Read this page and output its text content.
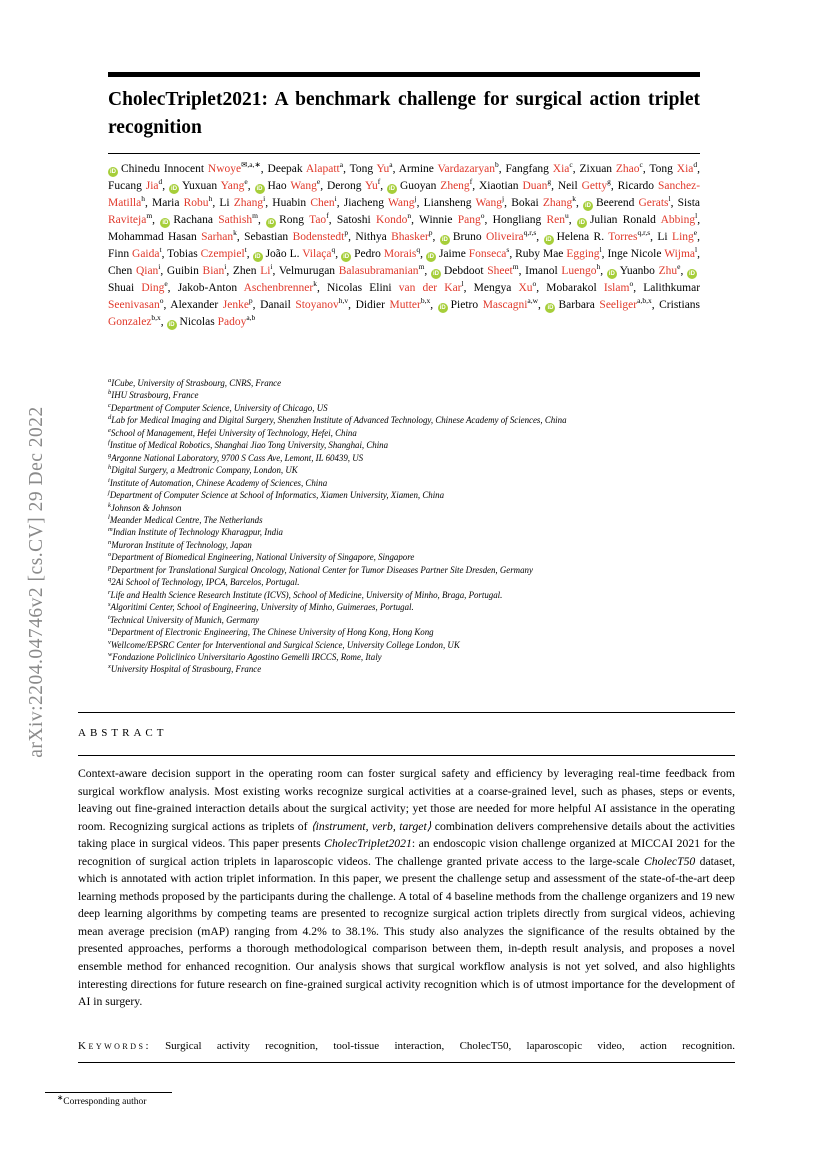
arXiv:2204.04746v2 [cs.CV] 29 Dec 2022
CholecTriplet2021: A benchmark challenge for surgical action triplet recognition
iD Chinedu Innocent Nwoye$^{✉,a,∗}$, Deepak Alapatt$^a$, Tong Yu$^a$, Armine Vardazaryan$^b$, Fangfang Xia$^c$, Zixuan Zhao$^c$, Tong Xia$^d$, Fucang Jia$^d$, iD Yuxuan Yang$^e$, iD Hao Wang$^e$, Derong Yu$^f$, iD Guoyan Zheng$^f$, Xiaotian Duan$^g$, Neil Getty$^g$, Ricardo Sanchez-Matilla$^h$, Maria Robu$^h$, Li Zhang$^i$, Huabin Chen$^i$, Jiacheng Wang$^j$, Liansheng Wang$^j$, Bokai Zhang$^k$, iD Beerend Gerats$^l$, Sista Raviteja$^m$, iD Rachana Sathish$^m$, iD Rong Tao$^f$, Satoshi Kondo$^n$, Winnie Pang$^o$, Hongliang Ren$^u$, iD Julian Ronald Abbing$^l$, Mohammad Hasan Sarhan$^k$, Sebastian Bodenstedt$^p$, Nithya Bhasker$^p$, iD Bruno Oliveira$^{q,r,s}$, iD Helena R. Torres$^{q,r,s}$, Li Ling$^e$, Finn Gaida$^t$, Tobias Czempiel$^t$, iD João L. Vilaça$^q$, iD Pedro Morais$^q$, iD Jaime Fonseca$^s$, Ruby Mae Egging$^l$, Inge Nicole Wijma$^l$, Chen Qian$^i$, Guibin Bian$^i$, Zhen Li$^i$, Velmurugan Balasubramanian$^m$, iD Debdoot Sheet$^m$, Imanol Luengo$^h$, iD Yuanbo Zhu$^e$, iDShuai Ding$^e$, Jakob-Anton Aschenbrenner$^k$, Nicolas Elini van der Kar$^l$, Mengya Xu$^o$, Mobarakol Islam$^o$, Lalithkumar Seenivasan$^o$, Alexander Jenke$^p$, Danail Stoyanov$^{h,v}$, Didier Mutter$^{b,x}$, iD Pietro Mascagni$^{a,w}$, iD Barbara Seeliger$^{a,b,x}$, Cristians Gonzalez$^{b,x}$, iD Nicolas Padoy$^{a,b}$
$^a$ICube, University of Strasbourg, CNRS, France
$^b$IHU Strasbourg, France
$^c$Department of Computer Science, University of Chicago, US
$^d$Lab for Medical Imaging and Digital Surgery, Shenzhen Institute of Advanced Technology, Chinese Academy of Sciences, China
$^e$School of Management, Hefei University of Technology, Hefei, China
$^f$Institue of Medical Robotics, Shanghai Jiao Tong University, Shanghai, China
$^g$Argonne National Laboratory, 9700 S Cass Ave, Lemont, IL 60439, US
$^h$Digital Surgery, a Medtronic Company, London, UK
$^i$Institute of Automation, Chinese Academy of Sciences, China
$^j$Department of Computer Science at School of Informatics, Xiamen University, Xiamen, China
$^k$Johnson & Johnson
$^l$Meander Medical Centre, The Netherlands
$^m$Indian Institute of Technology Kharagpur, India
$^n$Muroran Institute of Technology, Japan
$^o$Department of Biomedical Engineering, National University of Singapore, Singapore
$^p$Department for Translational Surgical Oncology, National Center for Tumor Diseases Partner Site Dresden, Germany
$^q$2Ai School of Technology, IPCA, Barcelos, Portugal.
$^r$Life and Health Science Research Institute (ICVS), School of Medicine, University of Minho, Braga, Portugal.
$^s$Algoritimi Center, School of Engineering, University of Minho, Guimeraes, Portugal.
$^t$Technical University of Munich, Germany
$^u$Department of Electronic Engineering, The Chinese University of Hong Kong, Hong Kong
$^v$Wellcome/EPSRC Center for Interventional and Surgical Science, University College London, UK
$^w$Fondazione Policlinico Universitario Agostino Gemelli IRCCS, Rome, Italy
$^x$University Hospital of Strasbourg, France
ABSTRACT

Context-aware decision support in the operating room can foster surgical safety and efficiency by leveraging real-time feedback from surgical workflow analysis. Most existing works recognize surgical activities at a coarse-grained level, such as phases, steps or events, leaving out fine-grained interaction details about the surgical activity; yet those are needed for more helpful AI assistance in the operating room. Recognizing surgical actions as triplets of ⟨instrument, verb, target⟩ combination delivers comprehensive details about the activities taking place in surgical videos. This paper presents CholecTriplet2021: an endoscopic vision challenge organized at MICCAI 2021 for the recognition of surgical action triplets in laparoscopic videos. The challenge granted private access to the large-scale CholecT50 dataset, which is annotated with action triplet information. In this paper, we present the challenge setup and assessment of the state-of-the-art deep learning methods proposed by the participants during the challenge. A total of 4 baseline methods from the challenge organizers and 19 new deep learning algorithms by competing teams are presented to recognize surgical action triplets directly from surgical videos, achieving mean average precision (mAP) ranging from 4.2% to 38.1%. This study also analyzes the significance of the results obtained by the presented approaches, performs a thorough methodological comparison between them, in-depth result analysis, and proposes a novel ensemble method for enhanced recognition. Our analysis shows that surgical workflow analysis is not yet solved, and also highlights interesting directions for future research on fine-grained surgical activity recognition which is of utmost importance for the development of AI in surgery.

Keywords: Surgical activity recognition, tool-tissue interaction, CholecT50, laparoscopic video, action recognition.
∗Corresponding author
